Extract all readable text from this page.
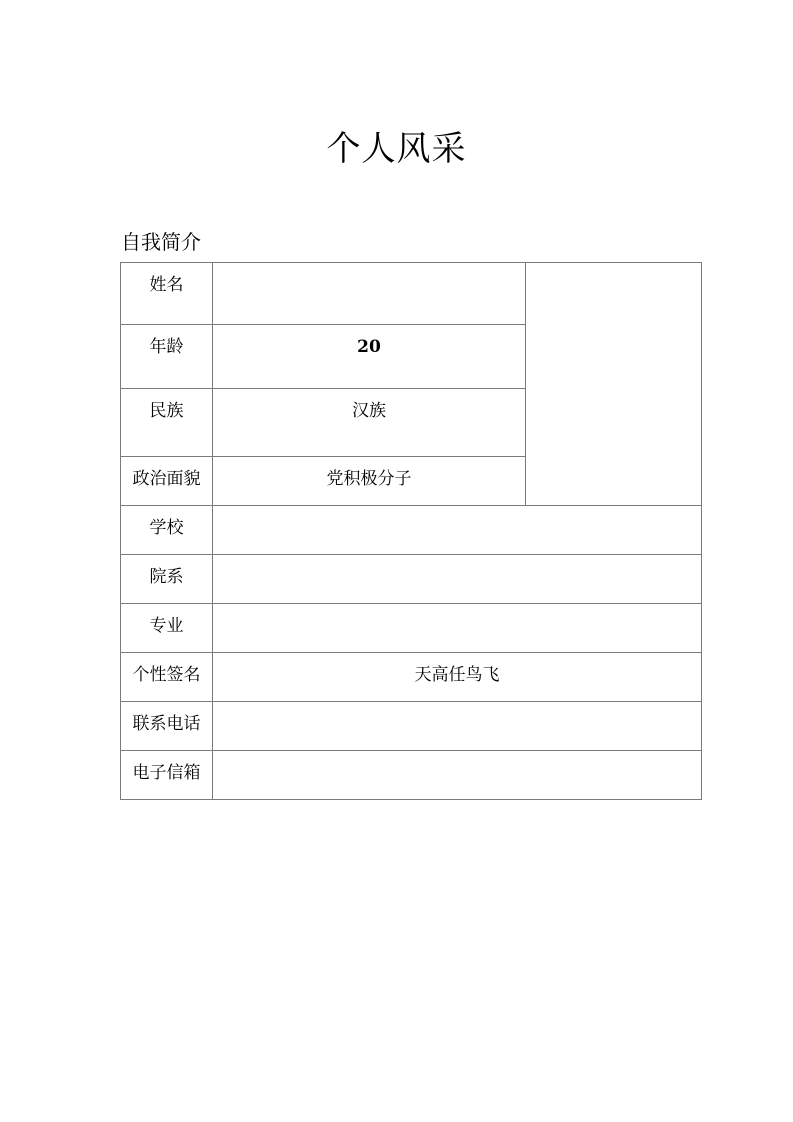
个人风采
自我简介
姓名		

年龄	20	

民族	汉族	

政治面貌	党积极分子	

学校		

院系		

专业		

个性签名	天高任鸟飞	

联系电话		

电子信箱		
